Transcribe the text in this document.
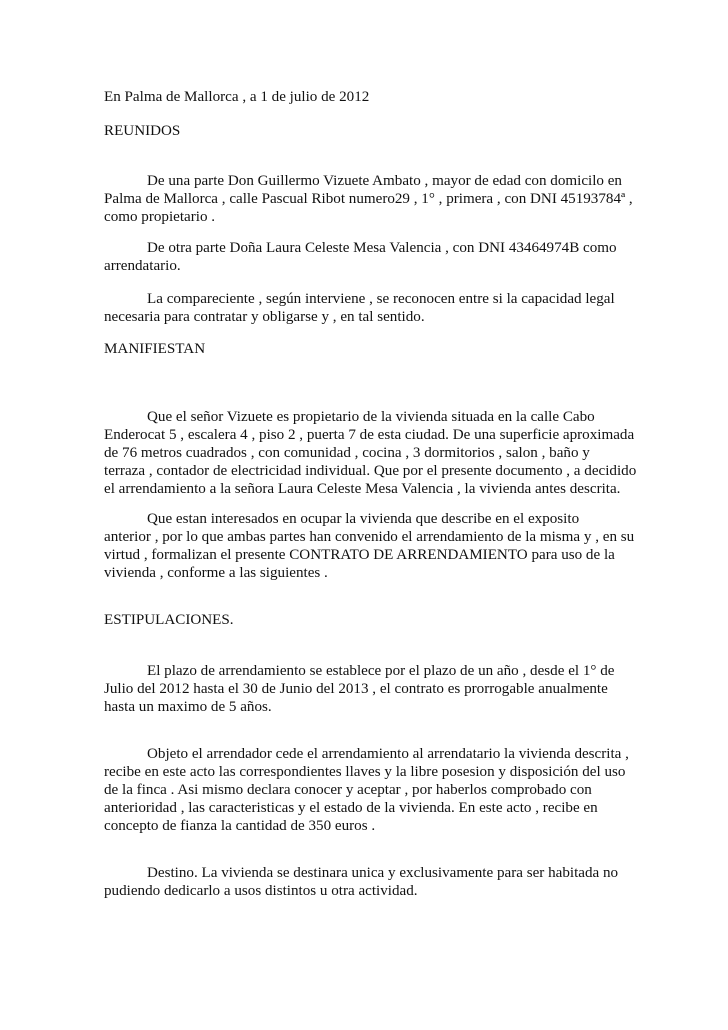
En Palma de Mallorca , a 1 de julio de 2012
REUNIDOS
De una parte Don Guillermo Vizuete Ambato , mayor de edad con domicilo en
Palma de Mallorca , calle Pascual Ribot numero29 , 1° , primera , con DNI 45193784ª ,
como propietario .
De otra parte Doña Laura Celeste Mesa Valencia , con DNI 43464974B como
arrendatario.
La compareciente , según interviene , se reconocen entre si la capacidad legal
necesaria para contratar y obligarse y , en tal sentido.
MANIFIESTAN
Que el señor Vizuete es propietario de la vivienda situada en la calle Cabo
Enderocat 5 , escalera 4 , piso 2 , puerta 7 de esta ciudad. De una superficie aproximada
de 76 metros cuadrados , con comunidad , cocina , 3 dormitorios , salon , baño y
terraza , contador de electricidad individual. Que por el presente documento , a decidido
el arrendamiento a la señora Laura Celeste Mesa Valencia , la vivienda antes descrita.
Que estan interesados en ocupar la vivienda que describe en el exposito
anterior , por lo que ambas partes han convenido el arrendamiento de la misma y , en su
virtud , formalizan el presente CONTRATO DE ARRENDAMIENTO para uso de la
vivienda , conforme a las siguientes .
ESTIPULACIONES.
El plazo de arrendamiento se establece por el plazo de un año , desde el 1° de
Julio del 2012 hasta el 30 de Junio del 2013 , el contrato es prorrogable anualmente
hasta un maximo de 5 años.
Objeto el arrendador cede el arrendamiento al arrendatario la vivienda descrita ,
recibe en este acto las correspondientes llaves y la libre posesion y disposición del uso
de la finca . Asi mismo declara conocer y aceptar , por haberlos comprobado con
anterioridad , las caracteristicas y el estado de la vivienda. En este acto , recibe en
concepto de fianza la cantidad de 350 euros .
Destino. La vivienda se destinara unica y exclusivamente para ser habitada no
pudiendo dedicarlo a usos distintos u otra actividad.
